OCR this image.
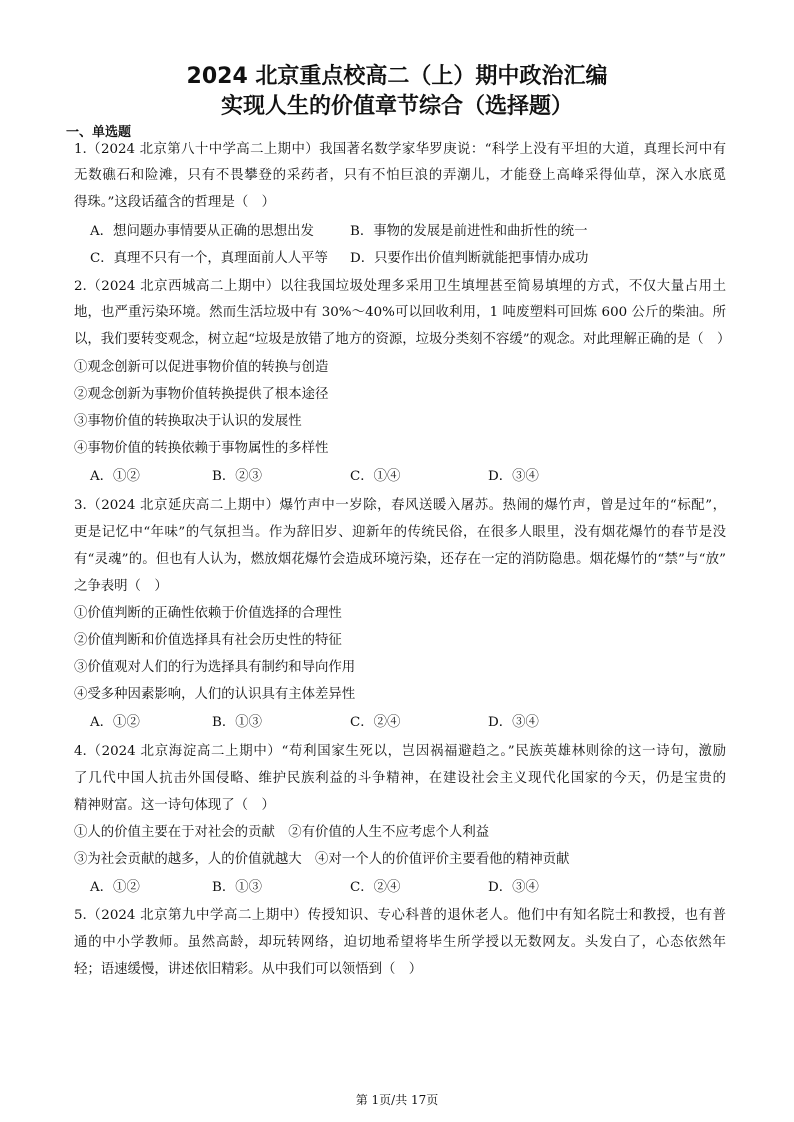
2024 北京重点校高二（上）期中政治汇编
实现人生的价值章节综合（选择题）
一、单选题
1.（2024 北京第八十中学高二上期中）我国著名数学家华罗庚说：“科学上没有平坦的大道，真理长河中有
无数礁石和险滩，只有不畏攀登的采药者，只有不怕巨浪的弄潮儿，才能登上高峰采得仙草，深入水底觅
得珠。”这段话蕴含的哲理是（　）
A．想问题办事情要从正确的思想出发	B．事物的发展是前进性和曲折性的统一
C．真理不只有一个，真理面前人人平等 D．只要作出价值判断就能把事情办成功
2.（2024 北京西城高二上期中）以往我国垃圾处理多采用卫生填埋甚至简易填埋的方式，不仅大量占用土
地，也严重污染环境。然而生活垃圾中有 30%～40%可以回收利用，1 吨废塑料可回炼 600 公斤的柴油。所
以，我们要转变观念，树立起“垃圾是放错了地方的资源，垃圾分类刻不容缓”的观念。对此理解正确的是（　）
①观念创新可以促进事物价值的转换与创造
②观念创新为事物价值转换提供了根本途径
③事物价值的转换取决于认识的发展性
④事物价值的转换依赖于事物属性的多样性
A．①②	B．②③	C．①④	D．③④
3.（2024 北京延庆高二上期中）爆竹声中一岁除，春风送暖入屠苏。热闹的爆竹声，曾是过年的“标配”，
更是记忆中“年味”的气氛担当。作为辞旧岁、迎新年的传统民俗，在很多人眼里，没有烟花爆竹的春节是没
有“灵魂”的。但也有人认为，燃放烟花爆竹会造成环境污染，还存在一定的消防隐患。烟花爆竹的“禁”与“放”
之争表明（　）
①价值判断的正确性依赖于价值选择的合理性
②价值判断和价值选择具有社会历史性的特征
③价值观对人们的行为选择具有制约和导向作用
④受多种因素影响，人们的认识具有主体差异性
A．①②	B．①③	C．②④	D．③④
4.（2024 北京海淀高二上期中）“苟利国家生死以，岂因祸福避趋之。”民族英雄林则徐的这一诗句，激励
了几代中国人抗击外国侵略、维护民族利益的斗争精神，在建设社会主义现代化国家的今天，仍是宝贵的
精神财富。这一诗句体现了（　）
①人的价值主要在于对社会的贡献　②有价值的人生不应考虑个人利益
③为社会贡献的越多，人的价值就越大　④对一个人的价值评价主要看他的精神贡献
A．①②	B．①③	C．②④	D．③④
5.（2024 北京第九中学高二上期中）传授知识、专心科普的退休老人。他们中有知名院士和教授，也有普
通的中小学教师。虽然高龄，却玩转网络，迫切地希望将毕生所学授以无数网友。头发白了，心态依然年
轻；语速缓慢，讲述依旧精彩。从中我们可以领悟到（　）
第 1页/共 17页
